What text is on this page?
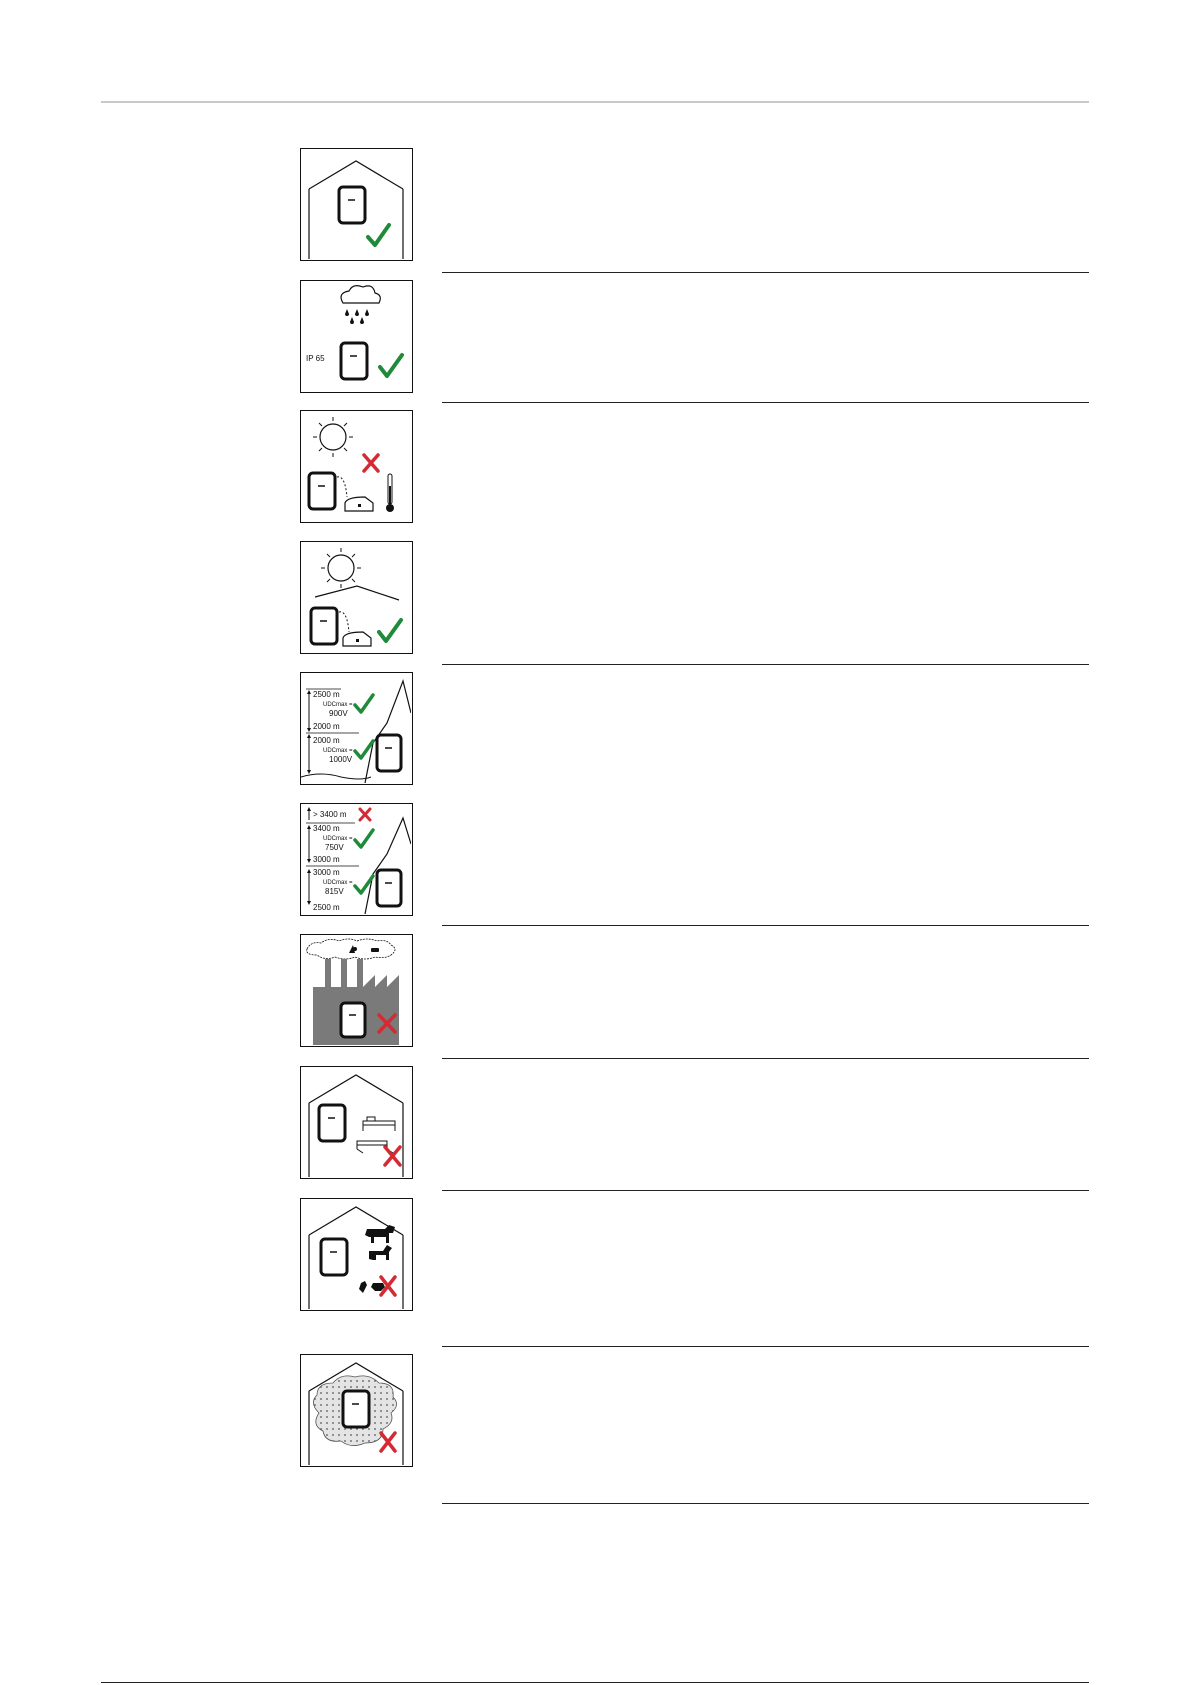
IP 65
2500 m
UDCmax =
900V
2000 m
2000 m
UDCmax =
1000V
> 3400 m
3400 m
UDCmax =
750V
3000 m
3000 m
UDCmax =
815V
2500 m
